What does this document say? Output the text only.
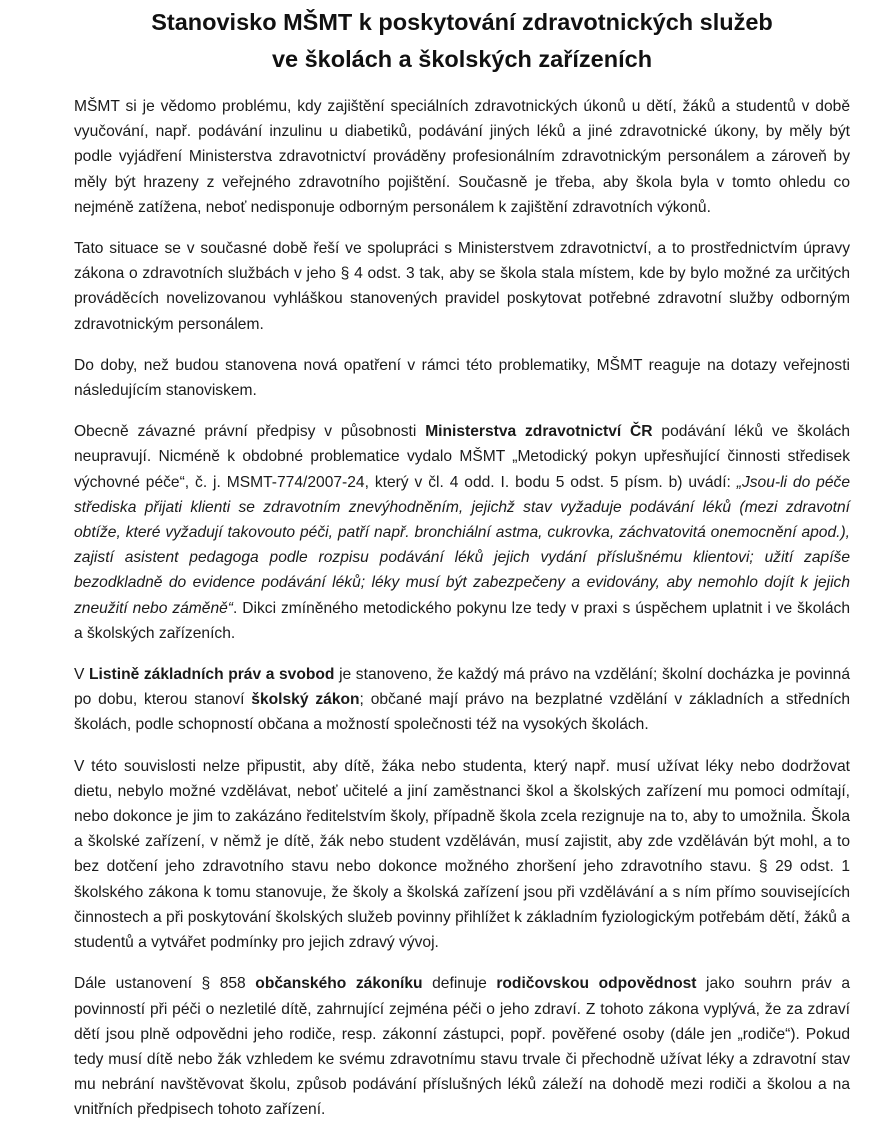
Stanovisko MŠMT k poskytování zdravotnických služeb
ve školách a školských zařízeních

MŠMT si je vědomo problému, kdy zajištění speciálních zdravotnických úkonů u dětí, žáků a studentů v době vyučování, např. podávání inzulinu u diabetiků, podávání jiných léků a jiné zdravotnické úkony, by měly být podle vyjádření Ministerstva zdravotnictví prováděny profesionálním zdravotnickým personálem a zároveň by měly být hrazeny z veřejného zdravotního pojištění. Současně je třeba, aby škola byla v tomto ohledu co nejméně zatížena, neboť nedisponuje odborným personálem k zajištění zdravotních výkonů.

Tato situace se v současné době řeší ve spolupráci s Ministerstvem zdravotnictví, a to prostřednictvím úpravy zákona o zdravotních službách v jeho § 4 odst. 3 tak, aby se škola stala místem, kde by bylo možné za určitých prováděcích novelizovanou vyhláškou stanovených pravidel poskytovat potřebné zdravotní služby odborným zdravotnickým personálem.

Do doby, než budou stanovena nová opatření v rámci této problematiky, MŠMT reaguje na dotazy veřejnosti následujícím stanoviskem.

Obecně závazné právní předpisy v působnosti Ministerstva zdravotnictví ČR podávání léků ve školách neupravují. Nicméně k obdobné problematice vydalo MŠMT „Metodický pokyn upřesňující činnosti středisek výchovné péče“, č. j. MSMT-774/2007-24, který v čl. 4 odd. I. bodu 5 odst. 5 písm. b) uvádí: „Jsou-li do péče střediska přijati klienti se zdravotním znevýhodněním, jejichž stav vyžaduje podávání léků (mezi zdravotní obtíže, které vyžadují takovouto péči, patří např. bronchiální astma, cukrovka, záchvatovitá onemocnění apod.), zajistí asistent pedagoga podle rozpisu podávání léků jejich vydání příslušnému klientovi; užití zapíše bezodkladně do evidence podávání léků; léky musí být zabezpečeny a evidovány, aby nemohlo dojít k jejich zneužití nebo záměně“. Dikci zmíněného metodického pokynu lze tedy v praxi s úspěchem uplatnit i ve školách a školských zařízeních.

V Listině základních práv a svobod je stanoveno, že každý má právo na vzdělání; školní docházka je povinná po dobu, kterou stanoví školský zákon; občané mají právo na bezplatné vzdělání v základních a středních školách, podle schopností občana a možností společnosti též na vysokých školách.

V této souvislosti nelze připustit, aby dítě, žáka nebo studenta, který např. musí užívat léky nebo dodržovat dietu, nebylo možné vzdělávat, neboť učitelé a jiní zaměstnanci škol a školských zařízení mu pomoci odmítají, nebo dokonce je jim to zakázáno ředitelstvím školy, případně škola zcela rezignuje na to, aby to umožnila. Škola a školské zařízení, v němž je dítě, žák nebo student vzděláván, musí zajistit, aby zde vzděláván být mohl, a to bez dotčení jeho zdravotního stavu nebo dokonce možného zhoršení jeho zdravotního stavu. § 29 odst. 1 školského zákona k tomu stanovuje, že školy a školská zařízení jsou při vzdělávání a s ním přímo souvisejících činnostech a při poskytování školských služeb povinny přihlížet k základním fyziologickým potřebám dětí, žáků a studentů a vytvářet podmínky pro jejich zdravý vývoj.

Dále ustanovení § 858 občanského zákoníku definuje rodičovskou odpovědnost jako souhrn práv a povinností při péči o nezletilé dítě, zahrnující zejména péči o jeho zdraví. Z tohoto zákona vyplývá, že za zdraví dětí jsou plně odpovědni jeho rodiče, resp. zákonní zástupci, popř. pověřené osoby (dále jen „rodiče“). Pokud tedy musí dítě nebo žák vzhledem ke svému zdravotnímu stavu trvale či přechodně užívat léky a zdravotní stav mu nebrání navštěvovat školu, způsob podávání příslušných léků záleží na dohodě mezi rodiči a školou a na vnitřních předpisech tohoto zařízení.
